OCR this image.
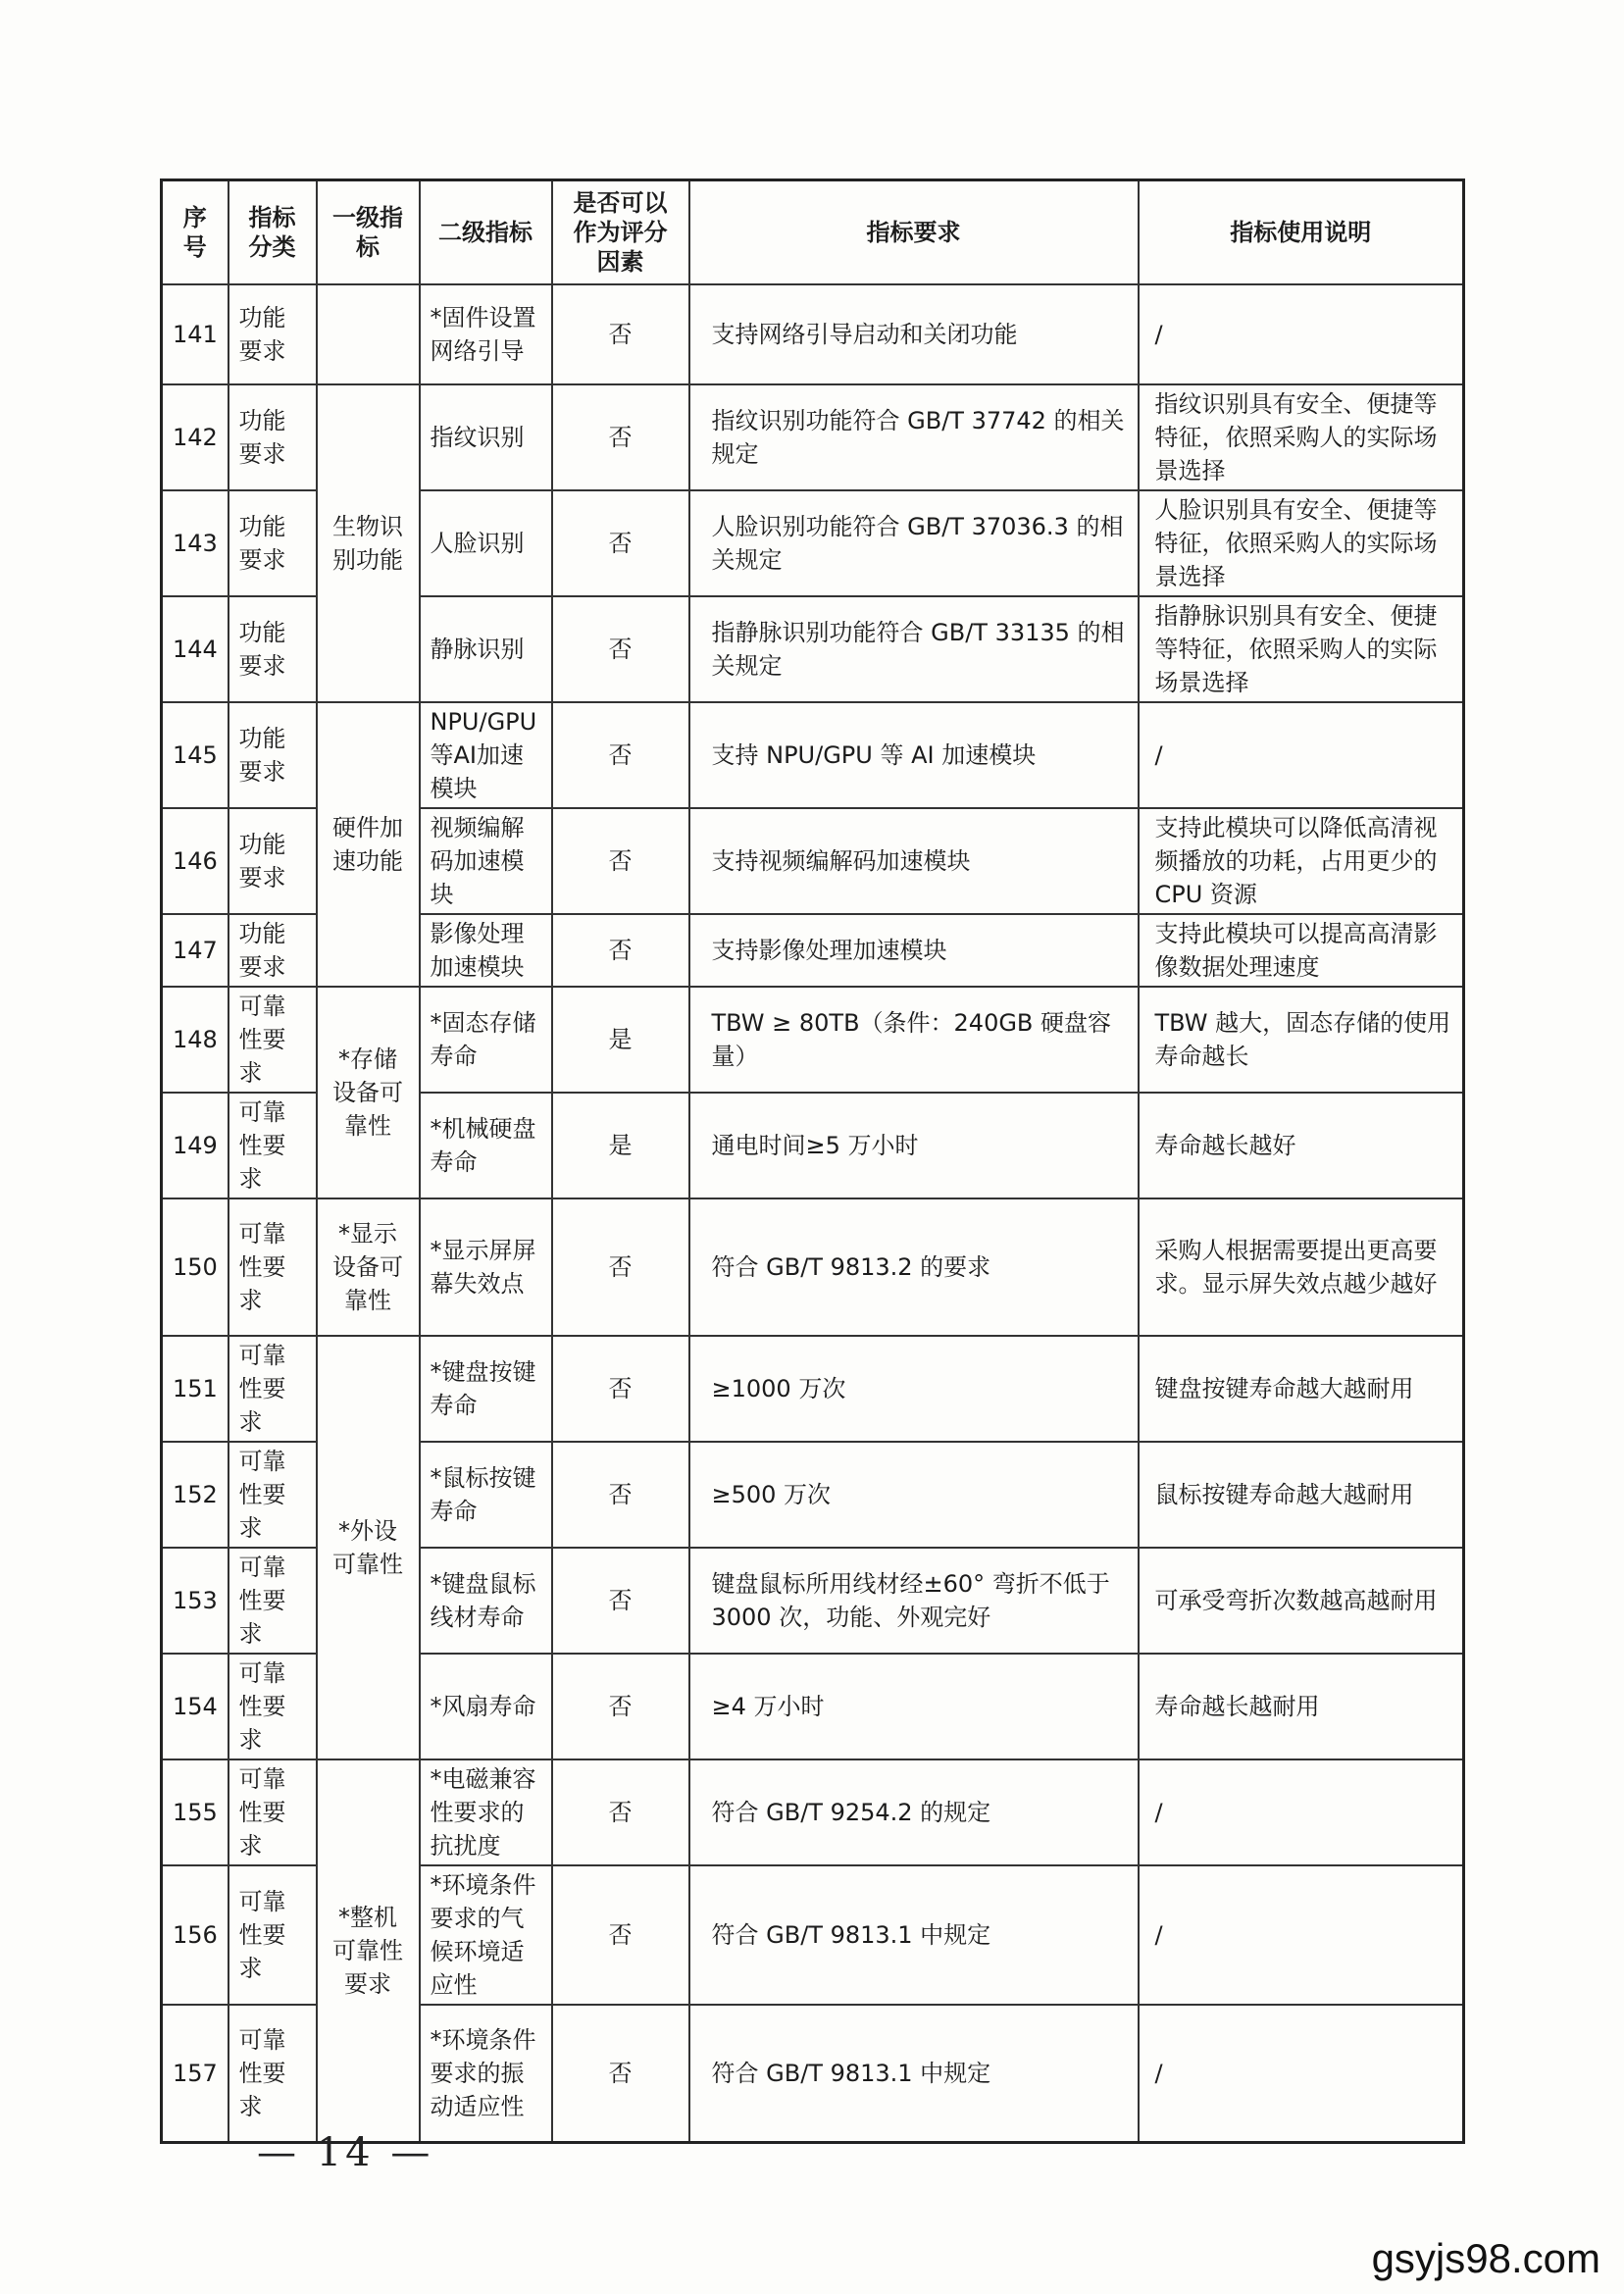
序号	指标分类	一级指标	二级指标	是否可以作为评分因素	指标要求	指标使用说明
141	功能要求		*固件设置网络引导	否	支持网络引导启动和关闭功能	/
142	功能要求	生物识别功能	指纹识别	否	指纹识别功能符合 GB/T 37742 的相关规定	指纹识别具有安全、便捷等特征，依照采购人的实际场景选择
143	功能要求		人脸识别	否	人脸识别功能符合 GB/T 37036.3 的相关规定	人脸识别具有安全、便捷等特征，依照采购人的实际场景选择
144	功能要求		静脉识别	否	指静脉识别功能符合 GB/T 33135 的相关规定	指静脉识别具有安全、便捷等特征，依照采购人的实际场景选择
145	功能要求	硬件加速功能	NPU/GPU等AI加速模块	否	支持 NPU/GPU 等 AI 加速模块	/
146	功能要求		视频编解码加速模块	否	支持视频编解码加速模块	支持此模块可以降低高清视频播放的功耗，占用更少的 CPU 资源
147	功能要求		影像处理加速模块	否	支持影像处理加速模块	支持此模块可以提高高清影像数据处理速度
148	可靠性要求	*存储设备可靠性	*固态存储寿命	是	TBW ≥ 80TB（条件：240GB 硬盘容量）	TBW 越大，固态存储的使用寿命越长
149	可靠性要求		*机械硬盘寿命	是	通电时间≥5 万小时	寿命越长越好
150	可靠性要求	*显示设备可靠性	*显示屏屏幕失效点	否	符合 GB/T 9813.2 的要求	采购人根据需要提出更高要求。显示屏失效点越少越好
151	可靠性要求	*外设可靠性	*键盘按键寿命	否	≥1000 万次	键盘按键寿命越大越耐用
152	可靠性要求		*鼠标按键寿命	否	≥500 万次	鼠标按键寿命越大越耐用
153	可靠性要求		*键盘鼠标线材寿命	否	键盘鼠标所用线材经±60° 弯折不低于 3000 次，功能、外观完好	可承受弯折次数越高越耐用
154	可靠性要求		*风扇寿命	否	≥4 万小时	寿命越长越耐用
155	可靠性要求	*整机可靠性要求	*电磁兼容性要求的抗扰度	否	符合 GB/T 9254.2 的规定	/
156	可靠性要求		*环境条件要求的气候环境适应性	否	符合 GB/T 9813.1 中规定	/
157	可靠性要求		*环境条件要求的振动适应性	否	符合 GB/T 9813.1 中规定	/
— 14 —
gsyjs98.com
